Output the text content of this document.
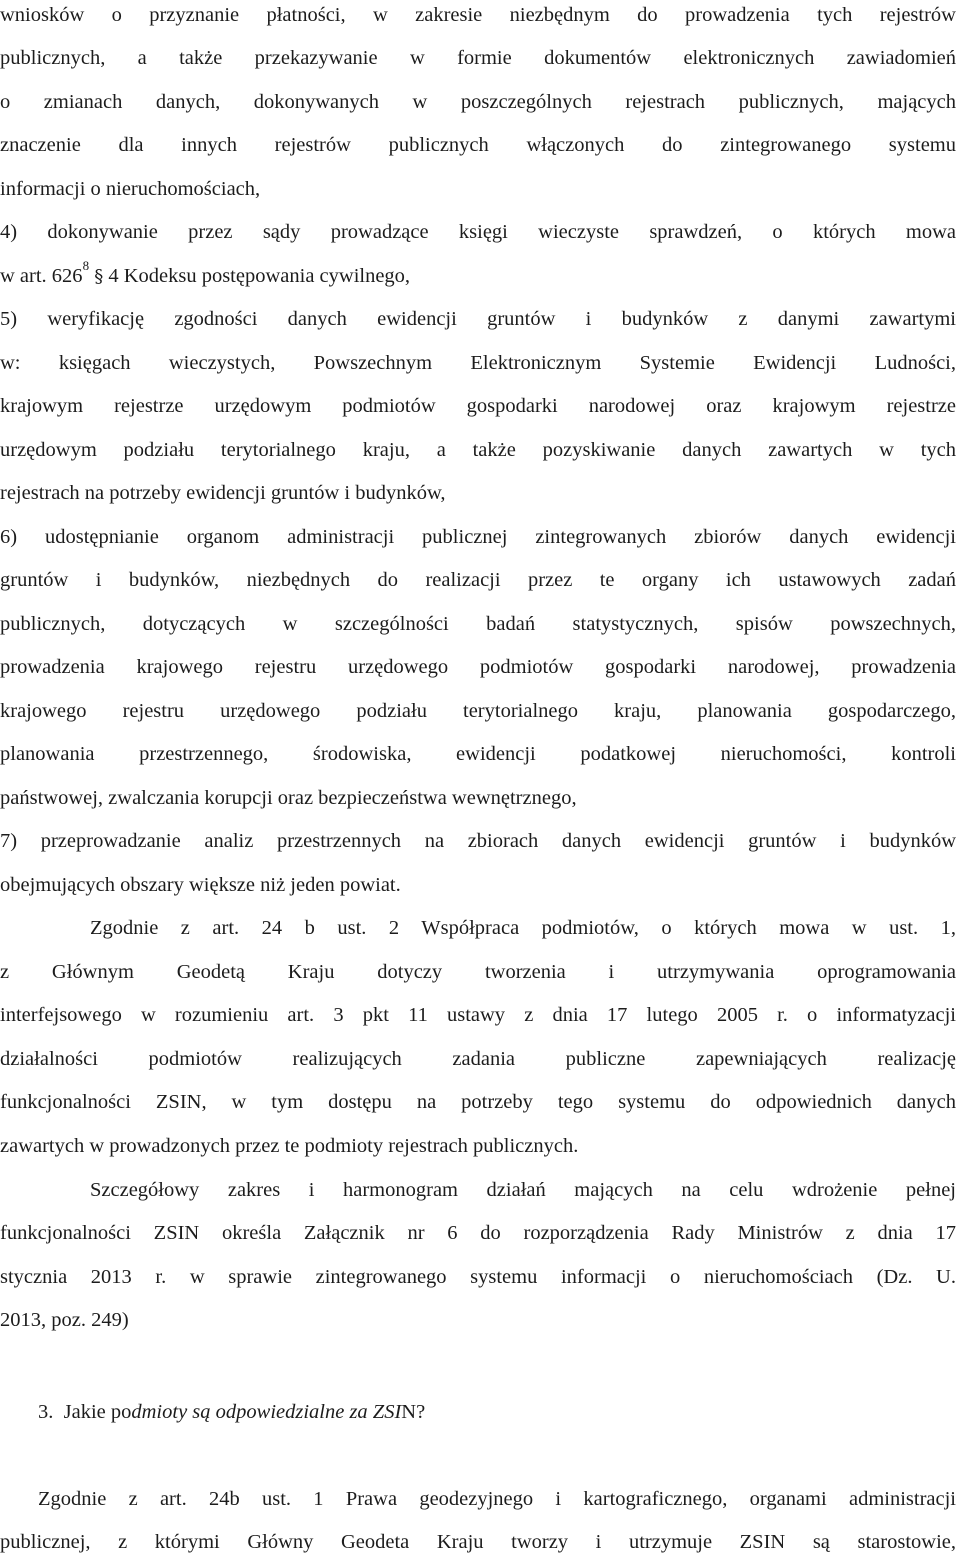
wniosków o przyznanie płatności, w zakresie niezbędnym do prowadzenia tych rejestrów
publicznych, a także przekazywanie w formie dokumentów elektronicznych zawiadomień
o zmianach danych, dokonywanych w poszczególnych rejestrach publicznych, mających
znaczenie dla innych rejestrów publicznych włączonych do zintegrowanego systemu
informacji o nieruchomościach,
4) dokonywanie przez sądy prowadzące księgi wieczyste sprawdzeń, o których mowa
w art. $626^8$ § 4 Kodeksu postępowania cywilnego,
5) weryfikację zgodności danych ewidencji gruntów i budynków z danymi zawartymi
w: księgach wieczystych, Powszechnym Elektronicznym Systemie Ewidencji Ludności,
krajowym rejestrze urzędowym podmiotów gospodarki narodowej oraz krajowym rejestrze
urzędowym podziału terytorialnego kraju, a także pozyskiwanie danych zawartych w tych
rejestrach na potrzeby ewidencji gruntów i budynków,
6) udostępnianie organom administracji publicznej zintegrowanych zbiorów danych ewidencji
gruntów i budynków, niezbędnych do realizacji przez te organy ich ustawowych zadań
publicznych, dotyczących w szczególności badań statystycznych, spisów powszechnych,
prowadzenia krajowego rejestru urzędowego podmiotów gospodarki narodowej, prowadzenia
krajowego rejestru urzędowego podziału terytorialnego kraju, planowania gospodarczego,
planowania przestrzennego, środowiska, ewidencji podatkowej nieruchomości, kontroli
państwowej, zwalczania korupcji oraz bezpieczeństwa wewnętrznego,
7) przeprowadzanie analiz przestrzennych na zbiorach danych ewidencji gruntów i budynków
obejmujących obszary większe niż jeden powiat.
Zgodnie z art. 24 b ust. 2 Współpraca podmiotów, o których mowa w ust. 1,
z Głównym Geodetą Kraju dotyczy tworzenia i utrzymywania oprogramowania
interfejsowego w rozumieniu art. 3 pkt 11 ustawy z dnia 17 lutego 2005 r. o informatyzacji
działalności podmiotów realizujących zadania publiczne zapewniających realizację
funkcjonalności ZSIN, w tym dostępu na potrzeby tego systemu do odpowiednich danych
zawartych w prowadzonych przez te podmioty rejestrach publicznych.
Szczegółowy zakres i harmonogram działań mających na celu wdrożenie pełnej
funkcjonalności ZSIN określa Załącznik nr 6 do rozporządzenia Rady Ministrów z dnia 17
stycznia 2013 r. w sprawie zintegrowanego systemu informacji o nieruchomościach (Dz. U.
2013, poz. 249)
3. Jakie podmioty są odpowiedzialne za ZSIN?
Zgodnie z art. 24b ust. 1 Prawa geodezyjnego i kartograficznego, organami administracji
publicznej, z którymi Główny Geodeta Kraju tworzy i utrzymuje ZSIN są starostowie,
